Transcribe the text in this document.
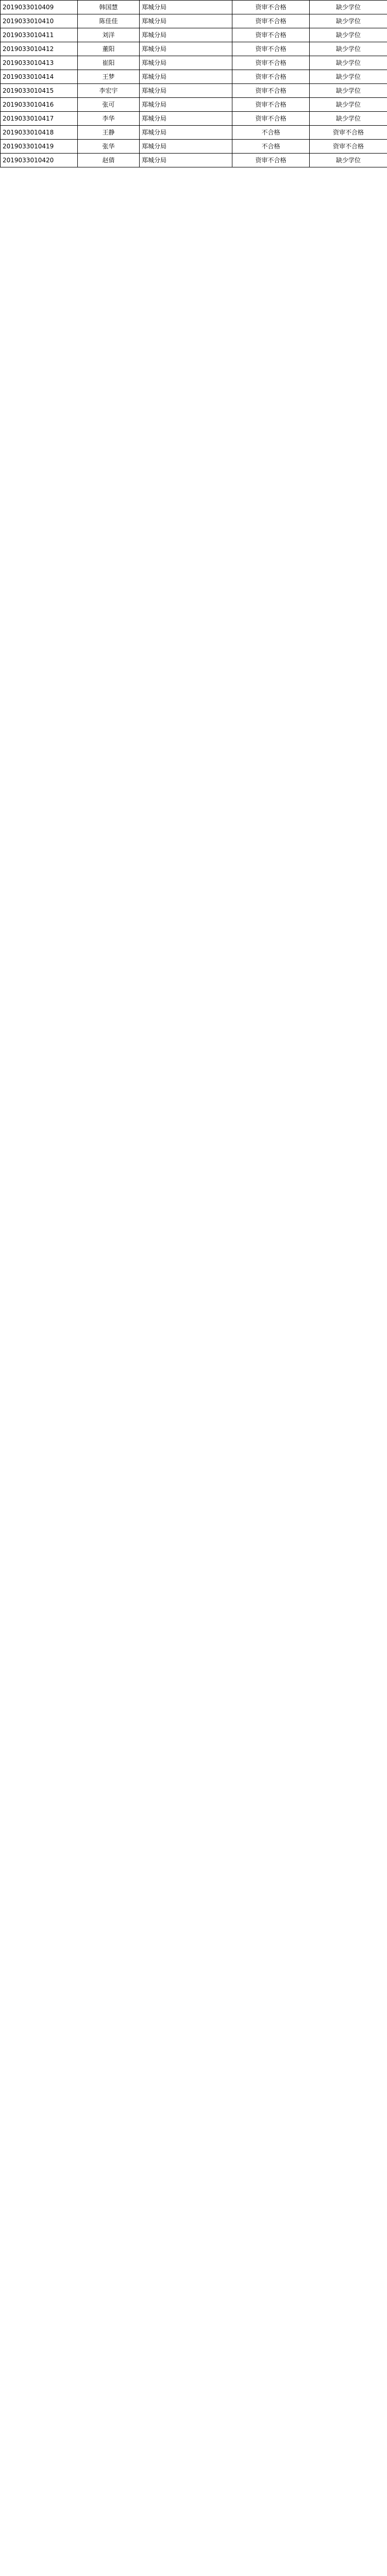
2019033010409	韩国慧	郑城分局	资审不合格	缺少学位
2019033010410	陈佳佳	郑城分局	资审不合格	缺少学位
2019033010411	刘洋	郑城分局	资审不合格	缺少学位
2019033010412	董阳	郑城分局	资审不合格	缺少学位
2019033010413	崔阳	郑城分局	资审不合格	缺少学位
2019033010414	王梦	郑城分局	资审不合格	缺少学位
2019033010415	李宏宇	郑城分局	资审不合格	缺少学位
2019033010416	张可	郑城分局	资审不合格	缺少学位
2019033010417	李华	郑城分局	资审不合格	缺少学位
2019033010418	王静	郑城分局	不合格	资审不合格
2019033010419	张华	郑城分局	不合格	资审不合格
2019033010420	赵倩	郑城分局	资审不合格	缺少学位
